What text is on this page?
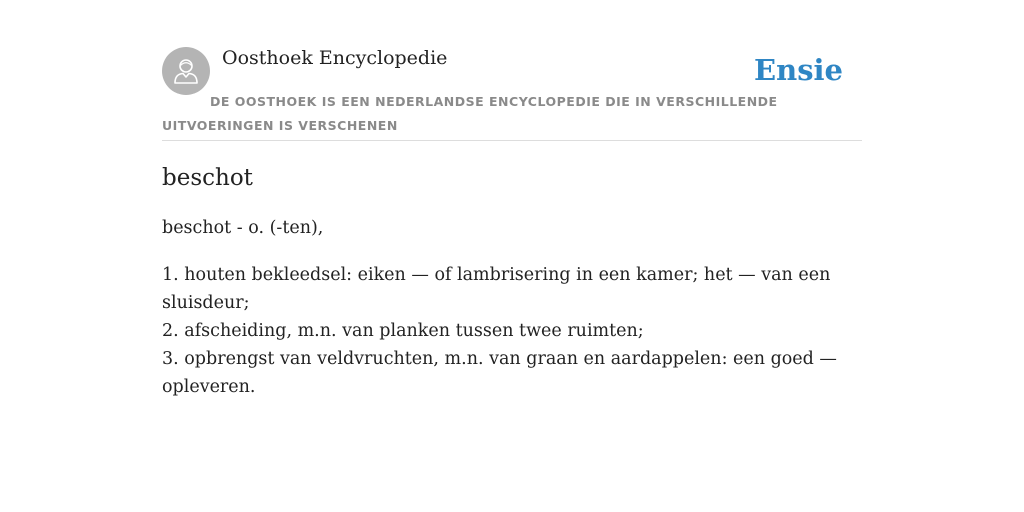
Oosthoek Encyclopedie	Ensie
DE OOSTHOEK IS EEN NEDERLANDSE ENCYCLOPEDIE DIE IN VERSCHILLENDE UITVOERINGEN IS VERSCHENEN
beschot

beschot - o. (-ten),

1. houten bekleedsel: eiken — of lambrisering in een kamer; het — van een sluisdeur;
2. afscheiding, m.n. van planken tussen twee ruimten;
3. opbrengst van veldvruchten, m.n. van graan en aardappelen: een goed — opleveren.
